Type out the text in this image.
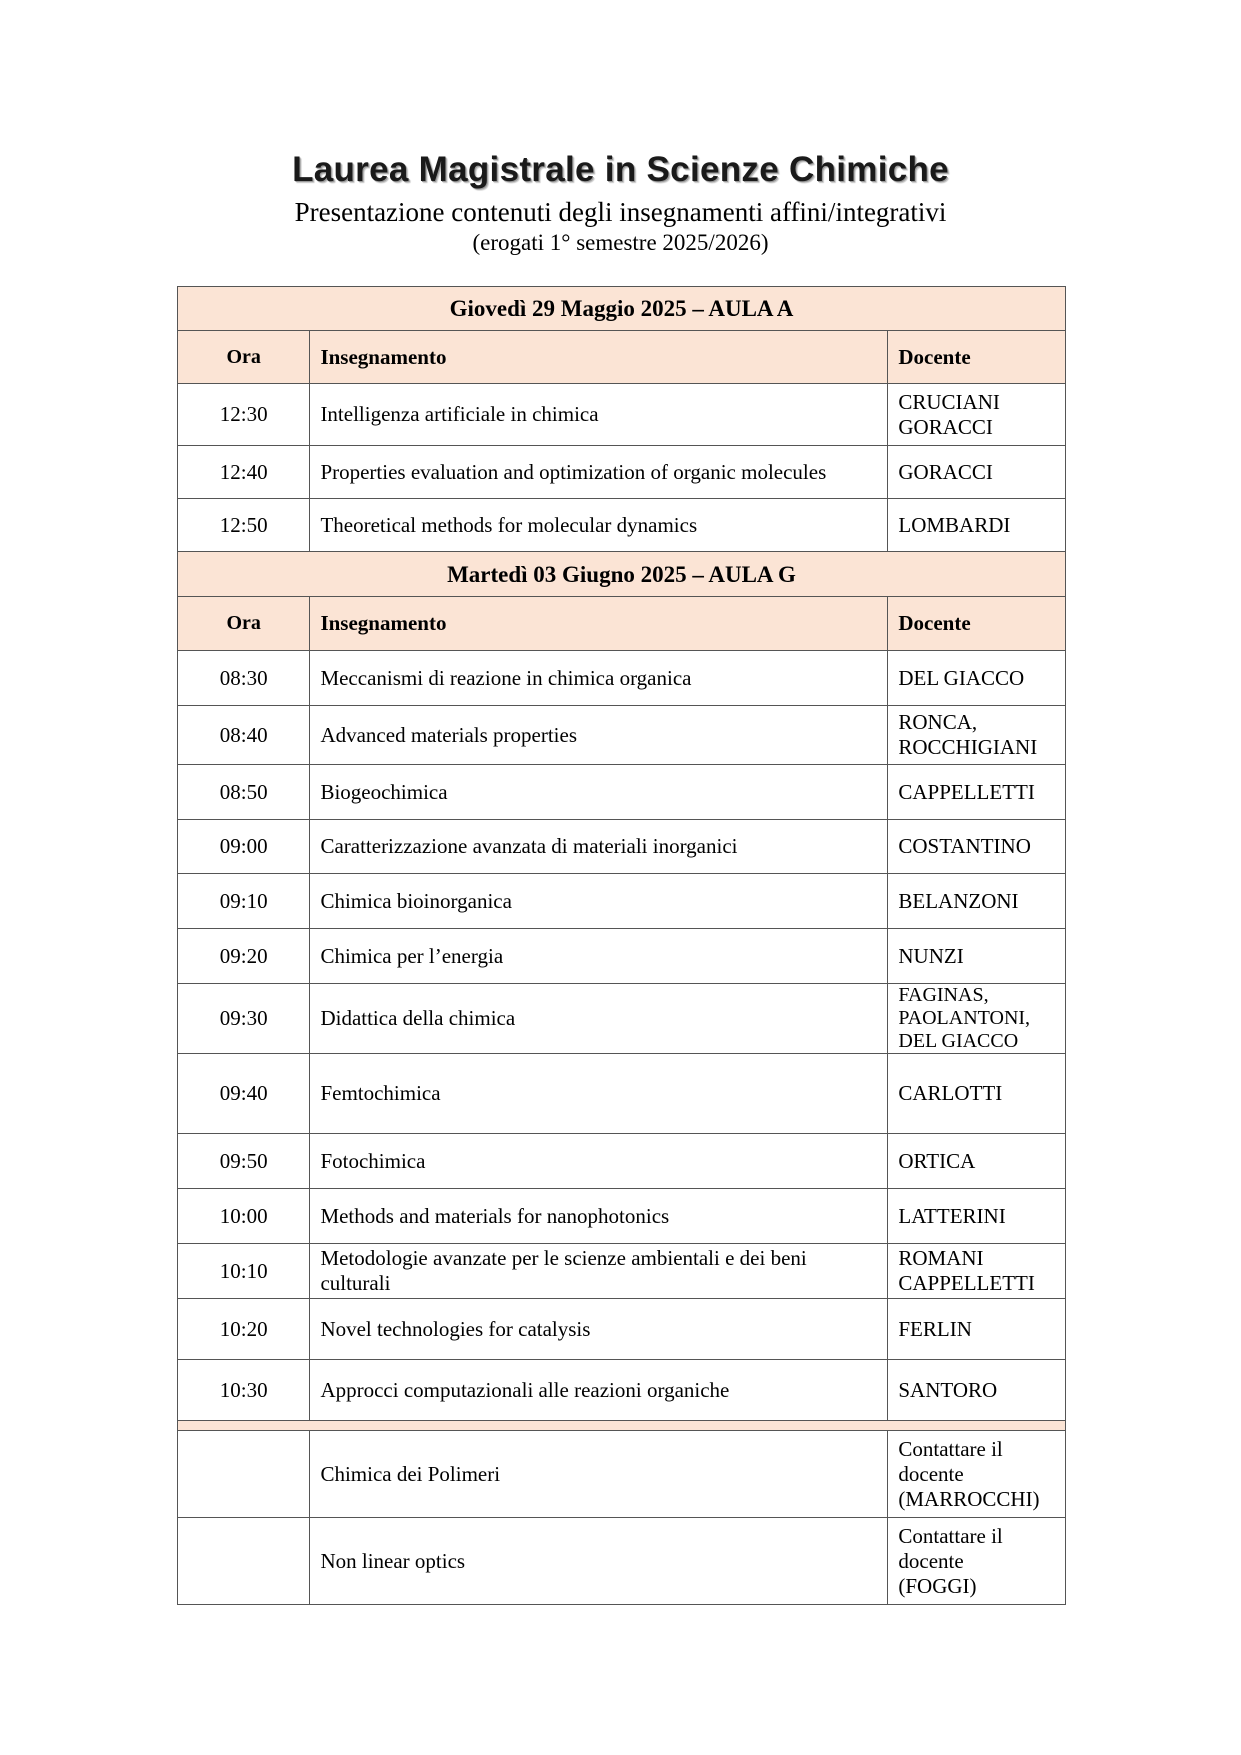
Laurea Magistrale in Scienze Chimiche
Presentazione contenuti degli insegnamenti affini/integrativi
(erogati 1° semestre 2025/2026)
Giovedì 29 Maggio 2025 – AULA A		
Ora	Insegnamento	Docente
12:30	Intelligenza artificiale in chimica	CRUCIANI
GORACCI
12:40	Properties evaluation and optimization of organic molecules	GORACCI
12:50	Theoretical methods for molecular dynamics	LOMBARDI
Martedì 03 Giugno 2025 – AULA G		
Ora	Insegnamento	Docente
08:30	Meccanismi di reazione in chimica organica	DEL GIACCO
08:40	Advanced materials properties	RONCA,
ROCCHIGIANI
08:50	Biogeochimica	CAPPELLETTI
09:00	Caratterizzazione avanzata di materiali inorganici	COSTANTINO
09:10	Chimica bioinorganica	BELANZONI
09:20	Chimica per l’energia	NUNZI
09:30	Didattica della chimica	FAGINAS,
PAOLANTONI,
DEL GIACCO
09:40	Femtochimica	CARLOTTI
09:50	Fotochimica	ORTICA
10:00	Methods and materials for nanophotonics	LATTERINI
10:10	Metodologie avanzate per le scienze ambientali e dei beni culturali	ROMANI
CAPPELLETTI
10:20	Novel technologies for catalysis	FERLIN
10:30	Approcci computazionali alle reazioni organiche	SANTORO

	Chimica dei Polimeri	Contattare il
docente
(MARROCCHI)
	Non linear optics	Contattare il
docente
(FOGGI)
